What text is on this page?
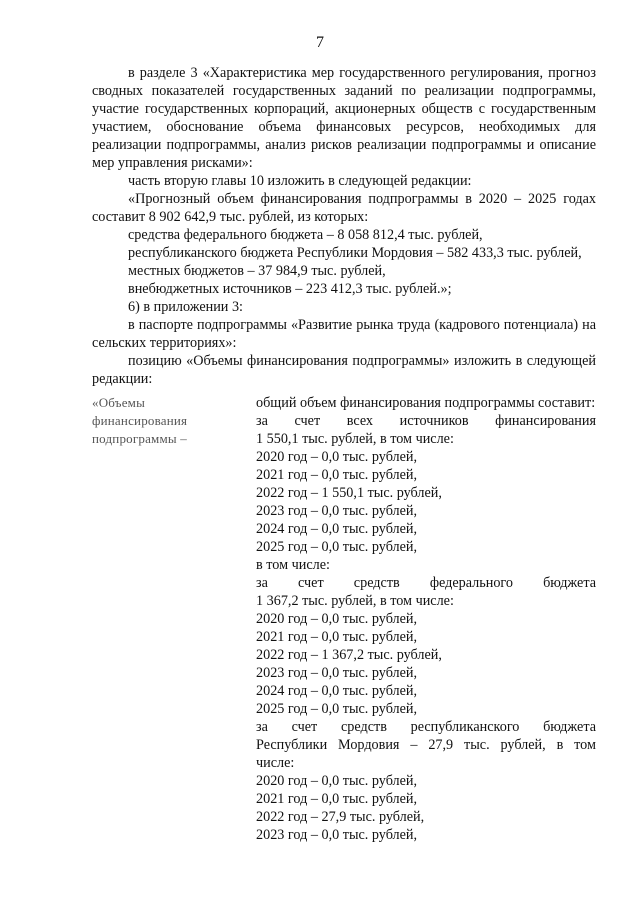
7

в разделе 3 «Характеристика мер государственного регулирования, прогноз сводных показателей государственных заданий по реализации подпрограммы, участие государственных корпораций, акционерных обществ с государственным участием, обоснование объема финансовых ресурсов, необходимых для реализации подпрограммы, анализ рисков реализации подпрограммы и описание мер управления рисками»:

часть вторую главы 10 изложить в следующей редакции:

«Прогнозный объем финансирования подпрограммы в 2020 – 2025 годах составит 8 902 642,9 тыс. рублей, из которых:

средства федерального бюджета – 8 058 812,4 тыс. рублей,

республиканского бюджета Республики Мордовия – 582 433,3 тыс. рублей,

местных бюджетов – 37 984,9 тыс. рублей,

внебюджетных источников – 223 412,3 тыс. рублей.»;

6) в приложении 3:

в паспорте подпрограммы «Развитие рынка труда (кадрового потенциала) на сельских территориях»:

позицию «Объемы финансирования подпрограммы» изложить в следующей редакции:

«Объемы
финансирования
подпрограммы –

общий объем финансирования подпрограммы составит:

за счет всех источников финансирования

1 550,1 тыс. рублей, в том числе:

2020 год – 0,0 тыс. рублей,

2021 год – 0,0 тыс. рублей,

2022 год – 1 550,1 тыс. рублей,

2023 год – 0,0 тыс. рублей,

2024 год – 0,0 тыс. рублей,

2025 год – 0,0 тыс. рублей,

в том числе:

за счет средств федерального бюджета

1 367,2 тыс. рублей, в том числе:

2020 год – 0,0 тыс. рублей,

2021 год – 0,0 тыс. рублей,

2022 год – 1 367,2 тыс. рублей,

2023 год – 0,0 тыс. рублей,

2024 год – 0,0 тыс. рублей,

2025 год – 0,0 тыс. рублей,

за счет средств республиканского бюджета

Республики Мордовия – 27,9 тыс. рублей, в том

числе:

2020 год – 0,0 тыс. рублей,

2021 год – 0,0 тыс. рублей,

2022 год – 27,9 тыс. рублей,

2023 год – 0,0 тыс. рублей,
